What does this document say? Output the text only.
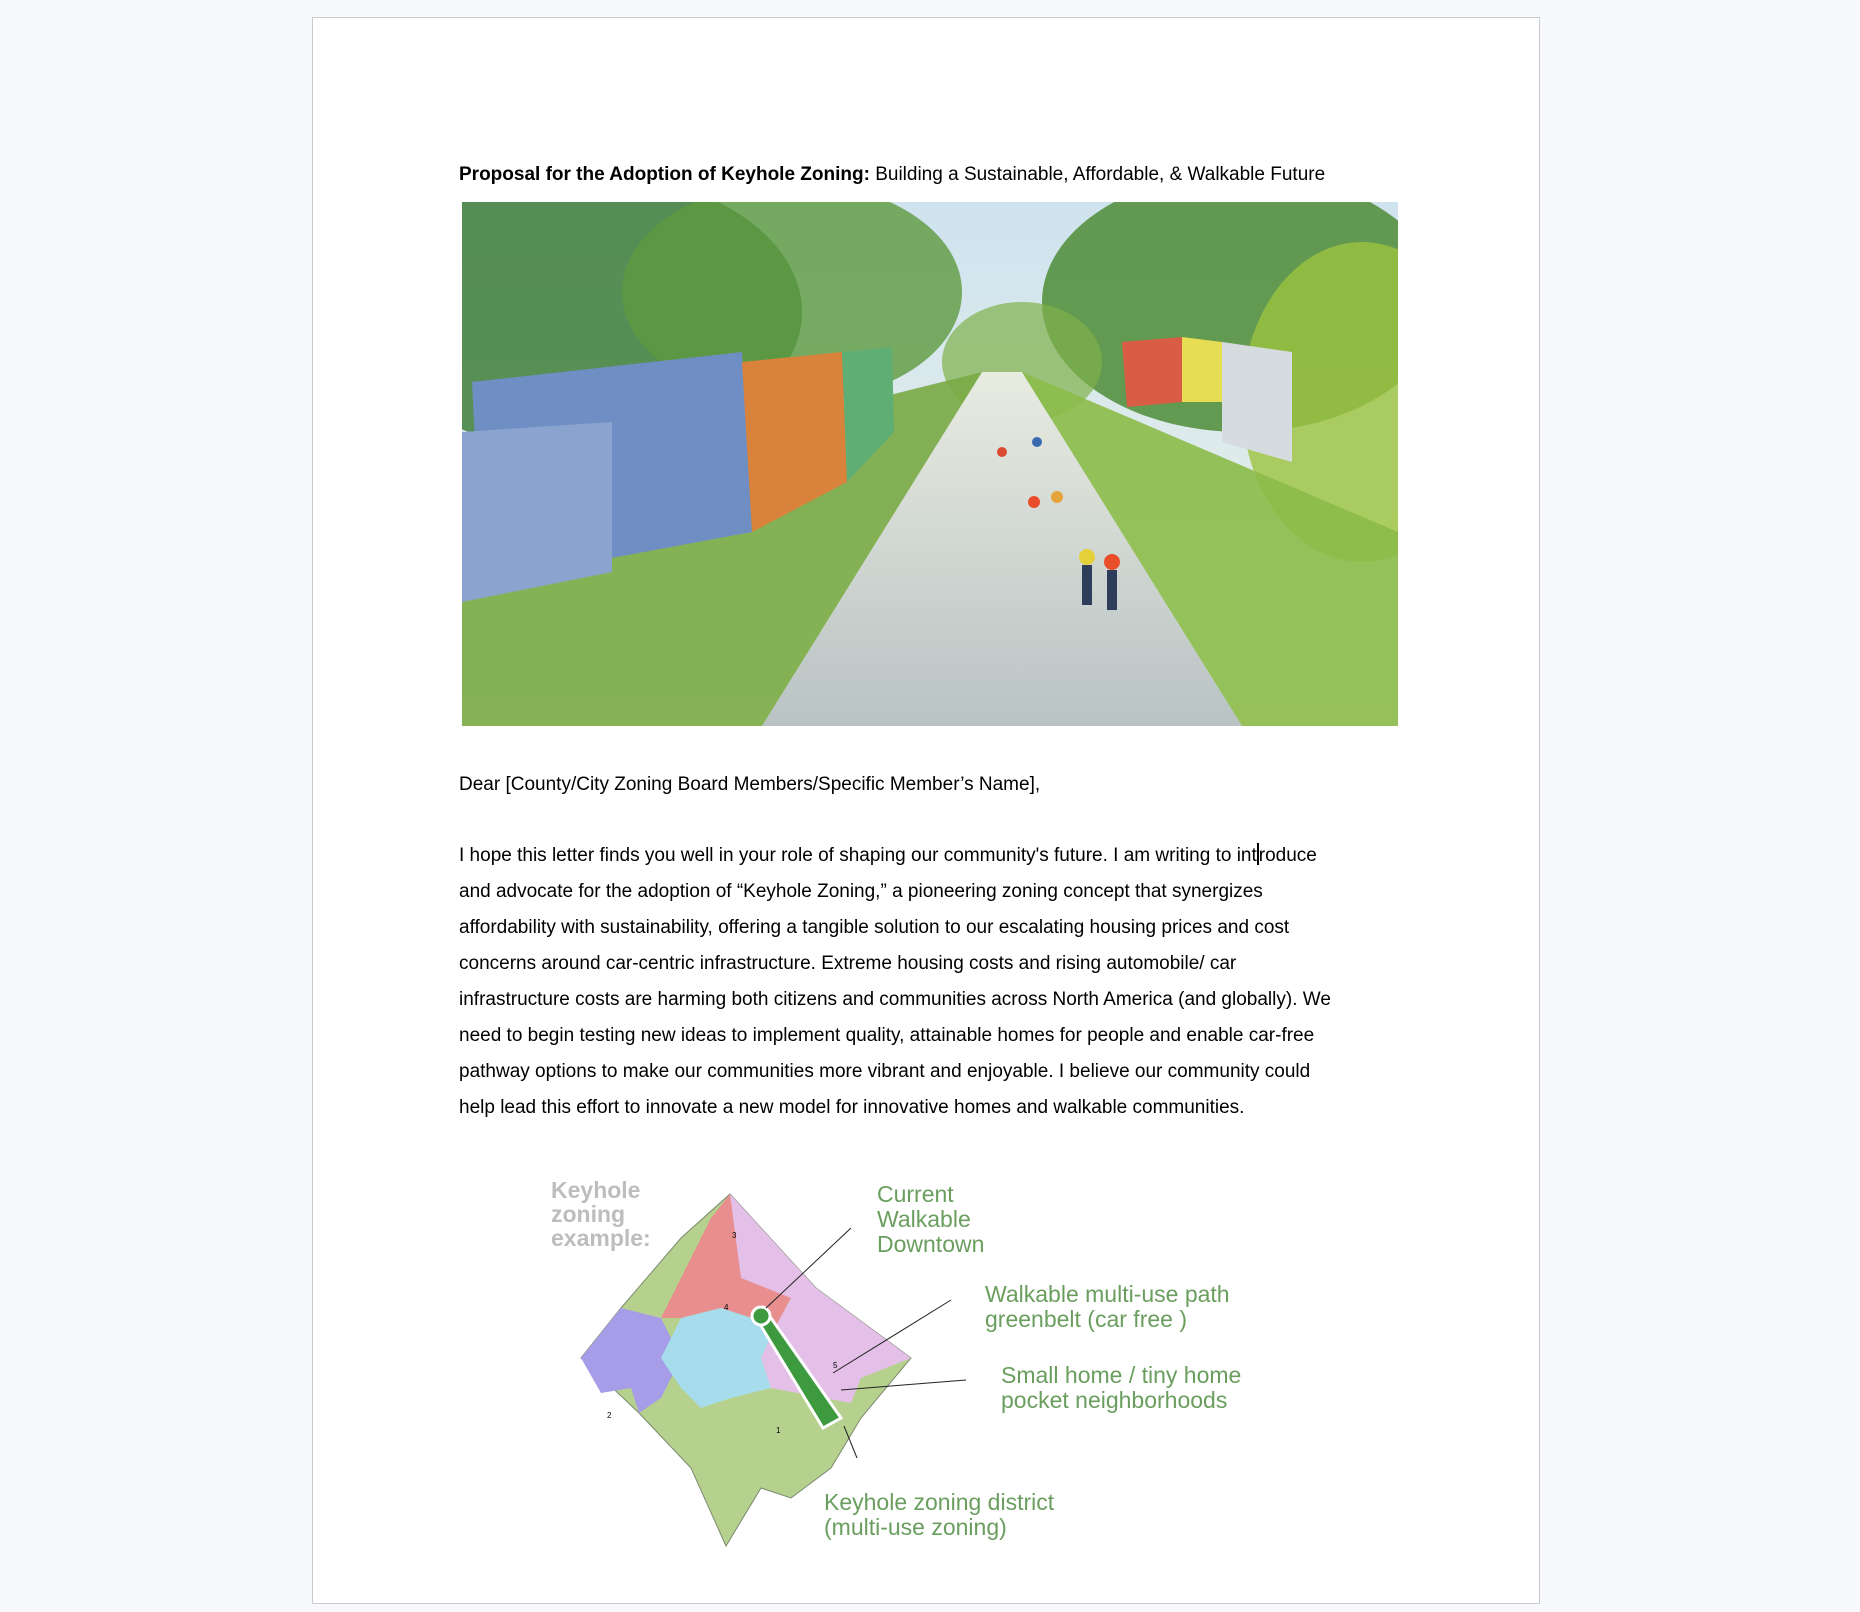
Proposal for the Adoption of Keyhole Zoning: Building a Sustainable, Affordable, & Walkable Future
Dear [County/City Zoning Board Members/Specific Member’s Name],
I hope this letter finds you well in your role of shaping our community's future. I am writing to int roduce
and advocate for the adoption of “Keyhole Zoning,” a pioneering zoning concept that synergizes
affordability with sustainability, offering a tangible solution to our escalating housing prices and cost
concerns around car-centric infrastructure. Extreme housing costs and rising automobile/ car
infrastructure costs are harming both citizens and communities across North America (and globally). We
need to begin testing new ideas to implement quality, attainable homes for people and enable car-free
pathway options to make our communities more vibrant and enjoyable. I believe our community could
help lead this effort to innovate a new model for innovative homes and walkable communities.
3
4
5
2
1
Keyhole
zoning
example:
Current
Walkable
Downtown
Walkable multi-use path
greenbelt (car free )
Small home / tiny home
pocket neighborhoods
Keyhole zoning district
(multi-use zoning)
